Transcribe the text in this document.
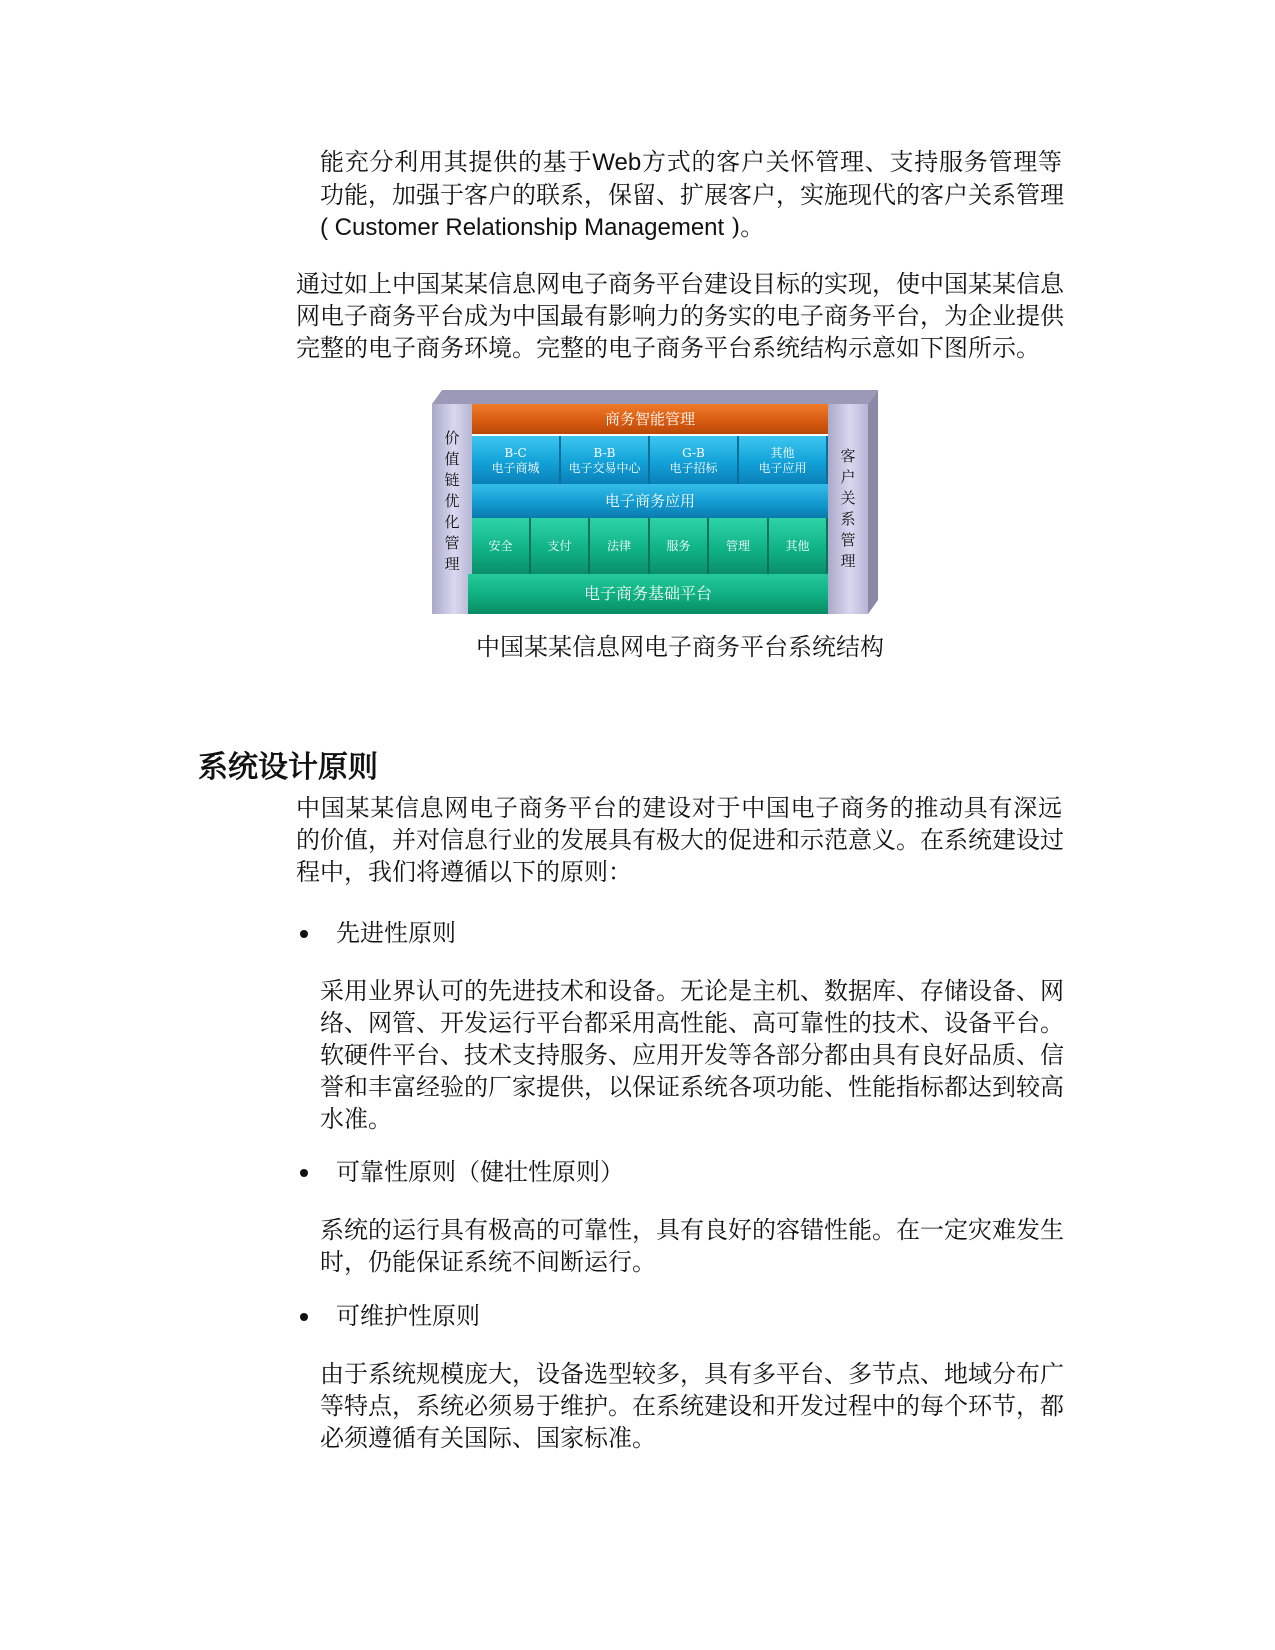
能充分利用其提供的基于Web方式的客户关怀管理、支持服务管理等
功能，加强于客户的联系，保留、扩展客户，实施现代的客户关系管理
( Customer Relationship Management )。
通过如上中国某某信息网电子商务平台建设目标的实现，使中国某某信息
网电子商务平台成为中国最有影响力的务实的电子商务平台，为企业提供
完整的电子商务环境。完整的电子商务平台系统结构示意如下图所示。
价
值
链
优
化
管
理
客
户
关
系
管
理
商务智能管理
B-C
电子商城
B-B
电子交易中心
G-B
电子招标
其他
电子应用
电子商务应用
安全	支付	法律	服务	管理	其他
电子商务基础平台
中国某某信息网电子商务平台系统结构
系统设计原则
中国某某信息网电子商务平台的建设对于中国电子商务的推动具有深远
的价值，并对信息行业的发展具有极大的促进和示范意义。在系统建设过
程中，我们将遵循以下的原则：
先进性原则
采用业界认可的先进技术和设备。无论是主机、数据库、存储设备、网
络、网管、开发运行平台都采用高性能、高可靠性的技术、设备平台。
软硬件平台、技术支持服务、应用开发等各部分都由具有良好品质、信
誉和丰富经验的厂家提供，以保证系统各项功能、性能指标都达到较高
水准。
可靠性原则（健壮性原则）
系统的运行具有极高的可靠性，具有良好的容错性能。在一定灾难发生
时，仍能保证系统不间断运行。
可维护性原则
由于系统规模庞大，设备选型较多，具有多平台、多节点、地域分布广
等特点，系统必须易于维护。在系统建设和开发过程中的每个环节，都
必须遵循有关国际、国家标准。
